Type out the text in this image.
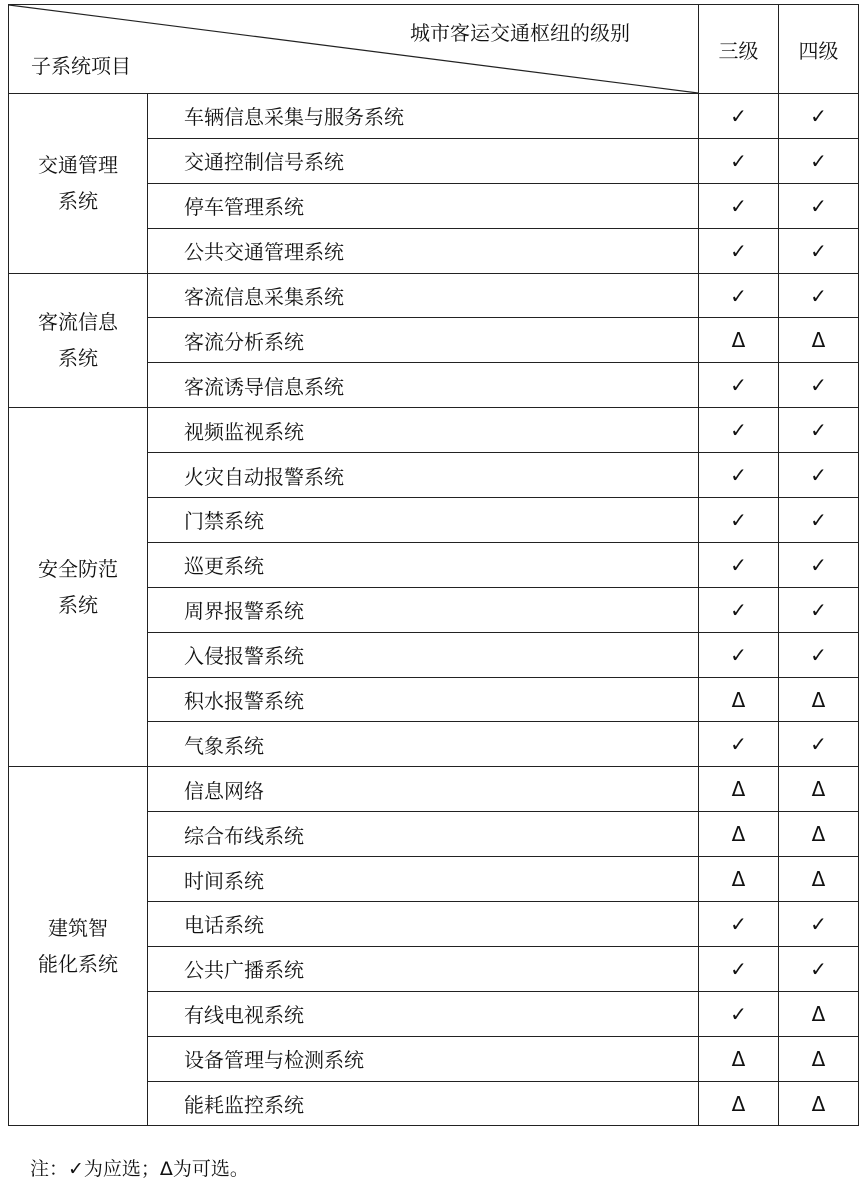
城市客运交通枢纽的级别
子系统项目		三级	四级

交通管理
系统	车辆信息采集与服务系统	✓	✓
	交通控制信号系统	✓	✓
	停车管理系统	✓	✓
	公共交通管理系统	✓	✓

客流信息
系统	客流信息采集系统	✓	✓
	客流分析系统	Δ	Δ
	客流诱导信息系统	✓	✓

安全防范
系统	视频监视系统	✓	✓
	火灾自动报警系统	✓	✓
	门禁系统	✓	✓
	巡更系统	✓	✓
	周界报警系统	✓	✓
	入侵报警系统	✓	✓
	积水报警系统	Δ	Δ
	气象系统	✓	✓

建筑智
能化系统	信息网络	Δ	Δ
	综合布线系统	Δ	Δ
	时间系统	Δ	Δ
	电话系统	✓	✓
	公共广播系统	✓	✓
	有线电视系统	✓	Δ
	设备管理与检测系统	Δ	Δ
	能耗监控系统	Δ	Δ
注：✓为应选；Δ为可选。
